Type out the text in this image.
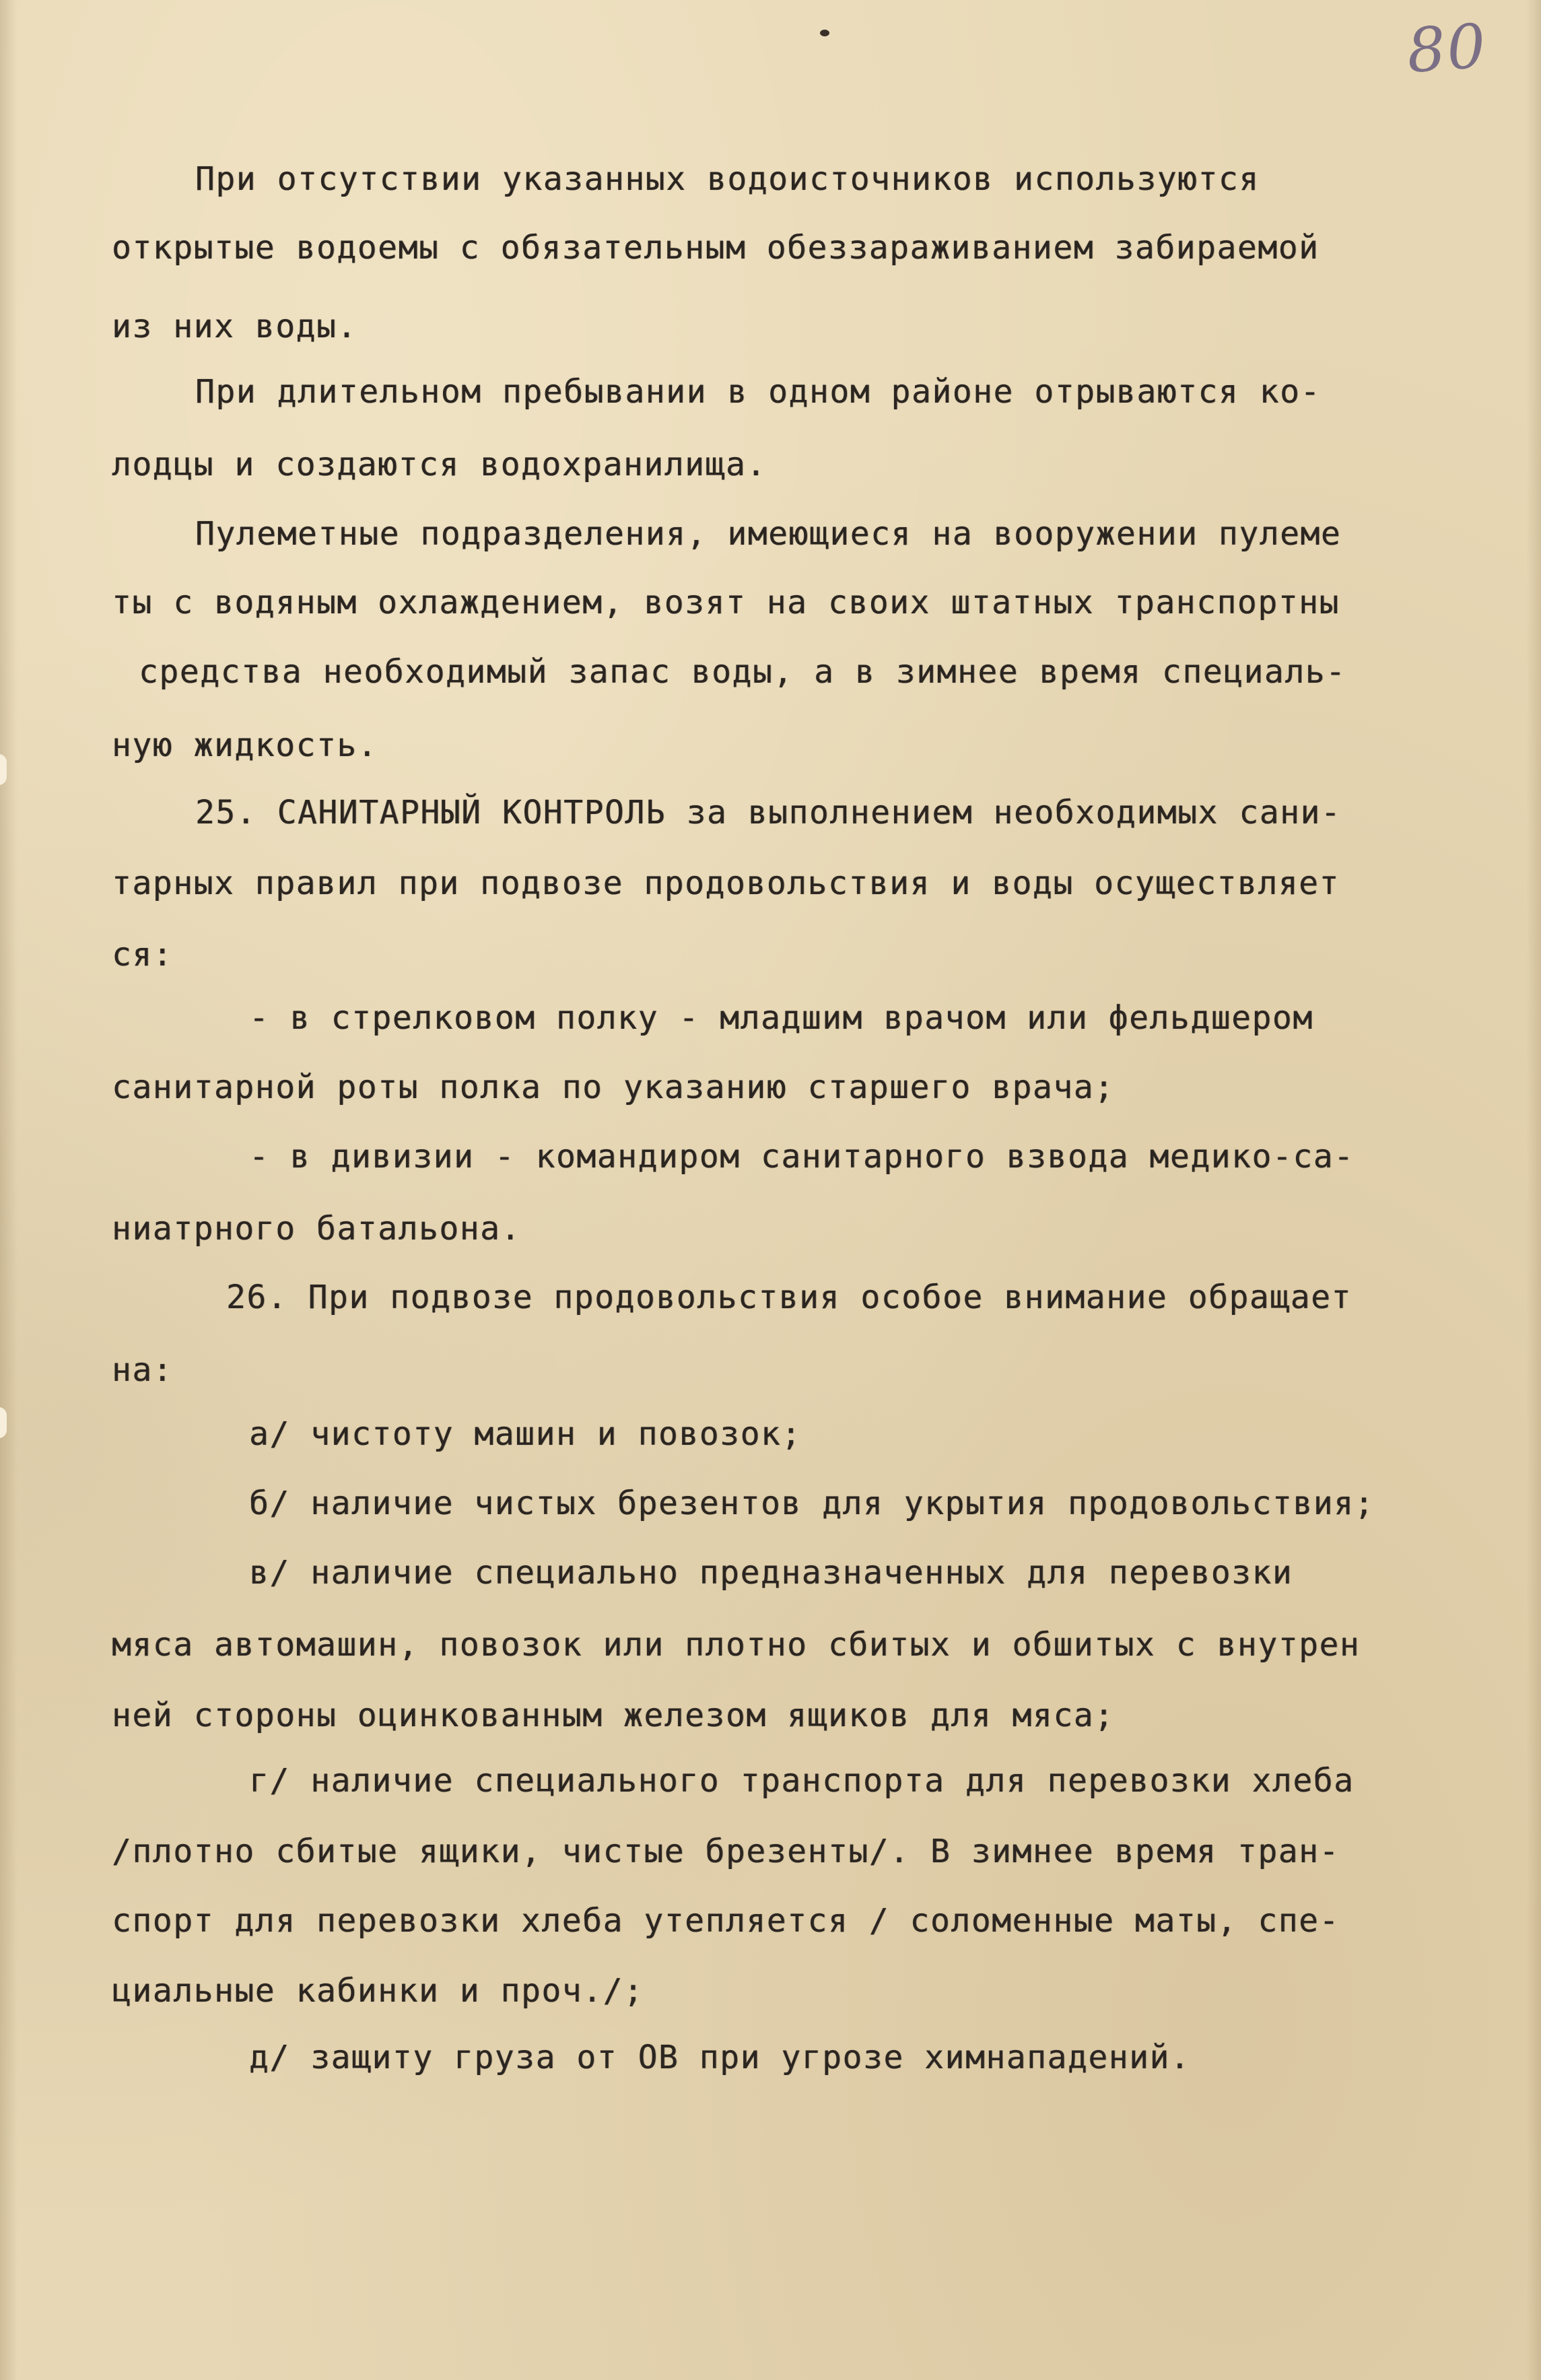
80
При отсутствии указанных водоисточников используются
открытые водоемы с обязательным обеззараживанием забираемой
из них воды.
При длительном пребывании в одном районе отрываются ко-
лодцы и создаются водохранилища.
Пулеметные подразделения, имеющиеся на вооружении пулеме
ты с водяным охлаждением, возят на своих штатных транспортны
средства необходимый запас воды, а в зимнее время специаль-
ную жидкость.
25. САНИТАРНЫЙ КОНТРОЛЬ за выполнением необходимых сани-
тарных правил при подвозе продовольствия и воды осуществляет
ся:
- в стрелковом полку - младшим врачом или фельдшером
санитарной роты полка по указанию старшего врача;
- в дивизии - командиром санитарного взвода медико-са-
ниатрного батальона.
26. При подвозе продовольствия особое внимание обращает
на:
а/ чистоту машин и повозок;
б/ наличие чистых брезентов для укрытия продовольствия;
в/ наличие специально предназначенных для перевозки
мяса автомашин, повозок или плотно сбитых и обшитых с внутрен
ней стороны оцинкованным железом ящиков для мяса;
г/ наличие специального транспорта для перевозки хлеба
/плотно сбитые ящики, чистые брезенты/. В зимнее время тран-
спорт для перевозки хлеба утепляется / соломенные маты, спе-
циальные кабинки и проч./;
д/ защиту груза от ОВ при угрозе химнападений.
